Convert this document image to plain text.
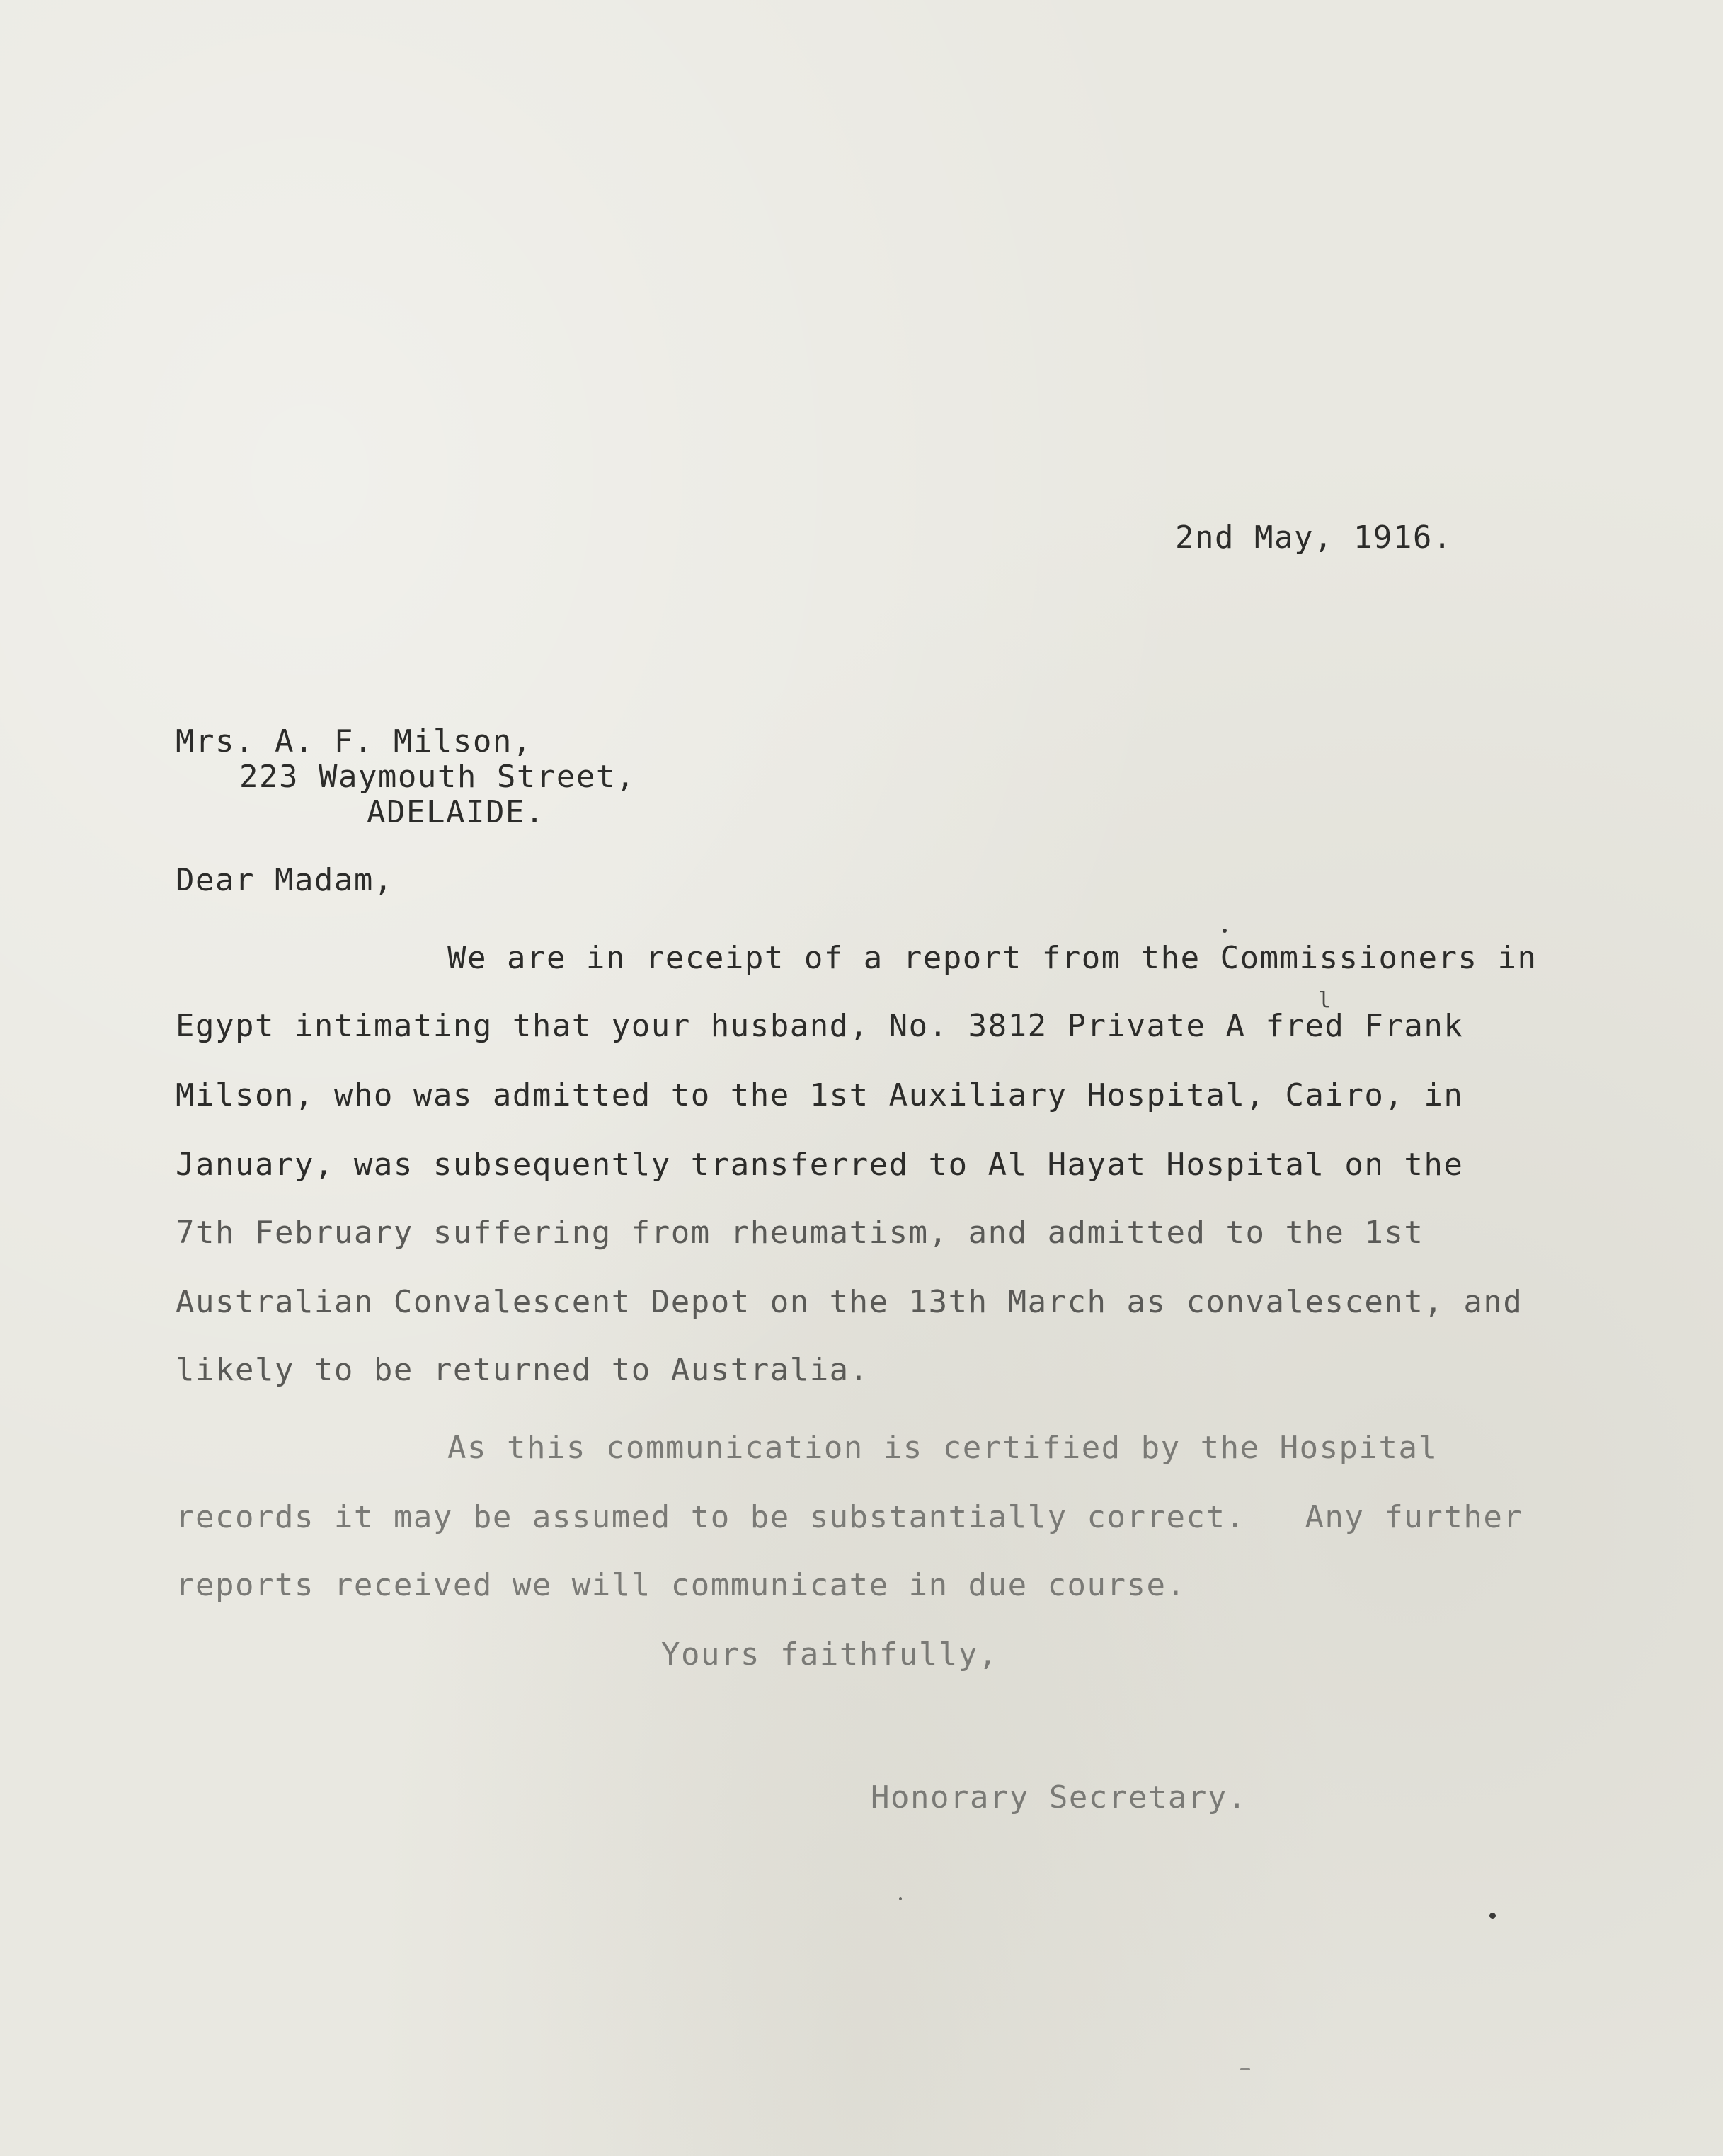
2nd May, 1916.
Mrs. A. F. Milson,
223 Waymouth Street,
ADELAIDE.
Dear Madam,
We are in receipt of a report from the Commissioners in
l
Egypt intimating that your husband, No. 3812 Private A fred Frank
Milson, who was admitted to the 1st Auxiliary Hospital, Cairo, in
January, was subsequently transferred to Al Hayat Hospital on the
7th February suffering from rheumatism, and admitted to the 1st
Australian Convalescent Depot on the 13th March as convalescent, and
likely to be returned to Australia.
As this communication is certified by the Hospital
records it may be assumed to be substantially correct.   Any further
reports received we will communicate in due course.
Yours faithfully,
Honorary Secretary.
